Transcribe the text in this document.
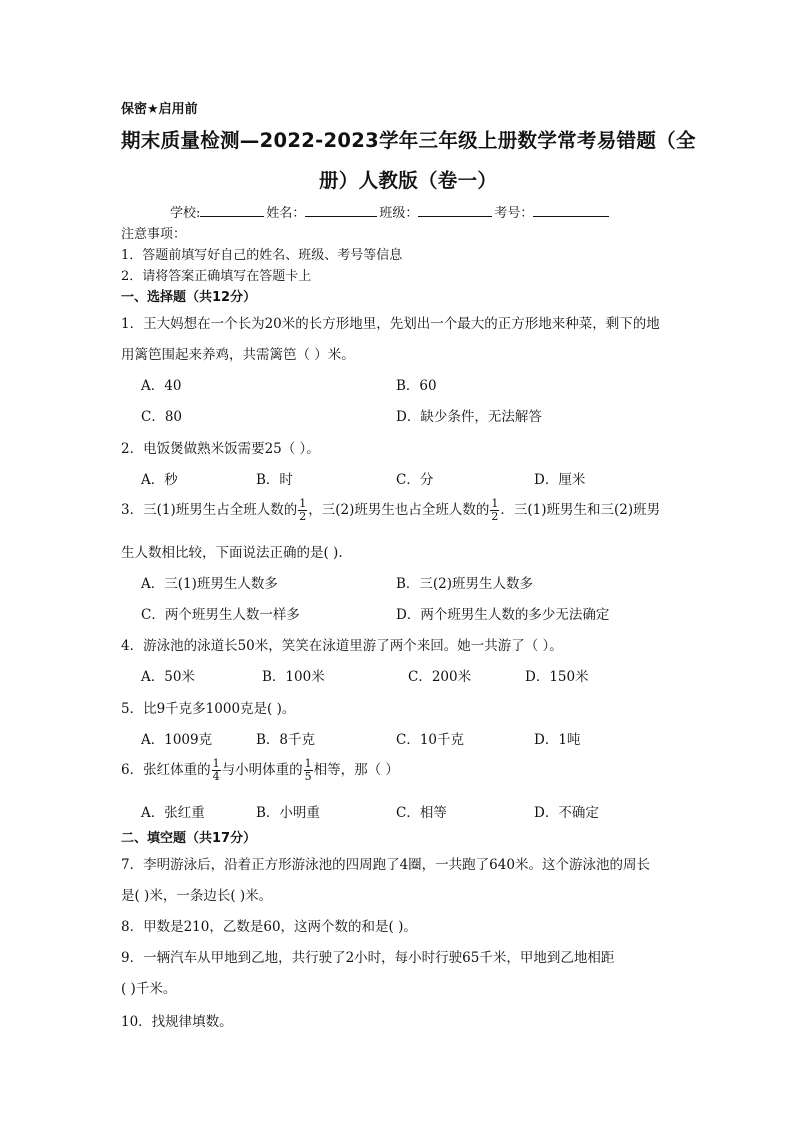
保密★启用前
期末质量检测—2022-2023学年三年级上册数学常考易错题（全
册）人教版（卷一）
学校:	姓名：	班级：	考号：
注意事项：
1．答题前填写好自己的姓名、班级、考号等信息
2．请将答案正确填写在答题卡上
一、选择题（共12分）
1．王大妈想在一个长为20米的长方形地里，先划出一个最大的正方形地来种菜，剩下的地
用篱笆围起来养鸡，共需篱笆（ ）米。
A．40	B．60
C．80	D．缺少条件，无法解答
2．电饭煲做熟米饭需要25（ ）。
A．秒	B．时	C．分	D．厘米
3．三(1)班男生占全班人数的 $\frac{1}{2}$ ，三(2)班男生也占全班人数的 $\frac{1}{2}$ ．三(1)班男生和三(2)班男
生人数相比较，下面说法正确的是( ).
A．三(1)班男生人数多	B．三(2)班男生人数多
C．两个班男生人数一样多	D．两个班男生人数的多少无法确定
4．游泳池的泳道长50米，笑笑在泳道里游了两个来回。她一共游了（ ）。
A．50米	B．100米	C．200米	D．150米
5．比9千克多1000克是( )。
A．1009克	B．8千克	C．10千克	D．1吨
6．张红体重的 $\frac{1}{4}$ 与小明体重的 $\frac{1}{5}$ 相等，那（ ）
A．张红重	B．小明重	C．相等	D．不确定
二、填空题（共17分）
7．李明游泳后，沿着正方形游泳池的四周跑了4圈，一共跑了640米。这个游泳池的周长
是( )米，一条边长( )米。
8．甲数是210，乙数是60，这两个数的和是( )。
9．一辆汽车从甲地到乙地，共行驶了2小时，每小时行驶65千米，甲地到乙地相距
( )千米。
10．找规律填数。
